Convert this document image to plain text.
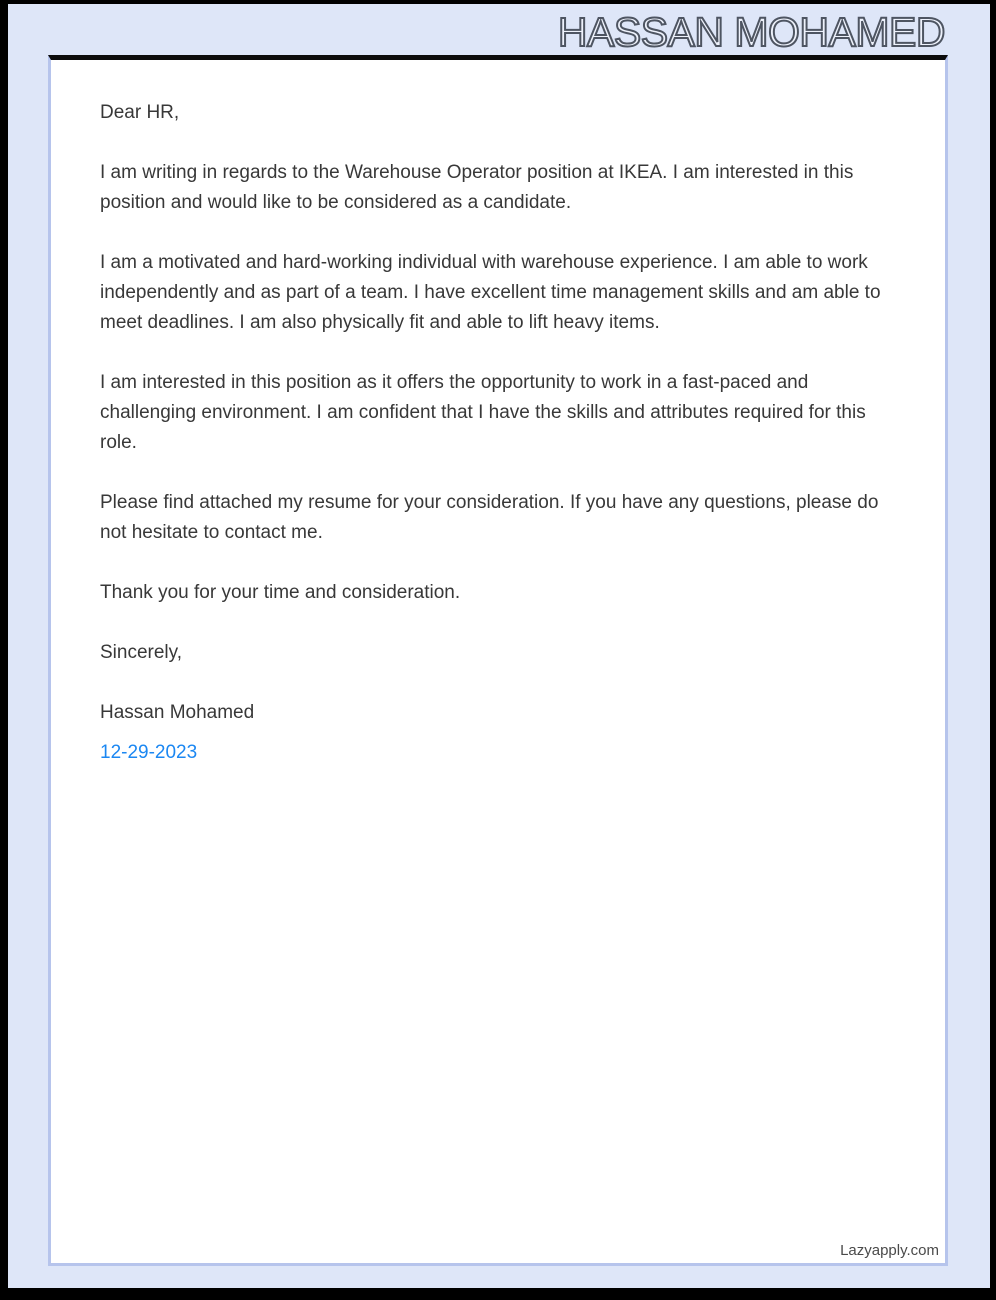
HASSAN MOHAMED

Dear HR,

I am writing in regards to the Warehouse Operator position at IKEA. I am interested in this position and would like to be considered as a candidate.

I am a motivated and hard-working individual with warehouse experience. I am able to work independently and as part of a team. I have excellent time management skills and am able to meet deadlines. I am also physically fit and able to lift heavy items.

I am interested in this position as it offers the opportunity to work in a fast-paced and challenging environment. I am confident that I have the skills and attributes required for this role.

Please find attached my resume for your consideration. If you have any questions, please do not hesitate to contact me.

Thank you for your time and consideration.

Sincerely,

Hassan Mohamed

12-29-2023

Lazyapply.com
